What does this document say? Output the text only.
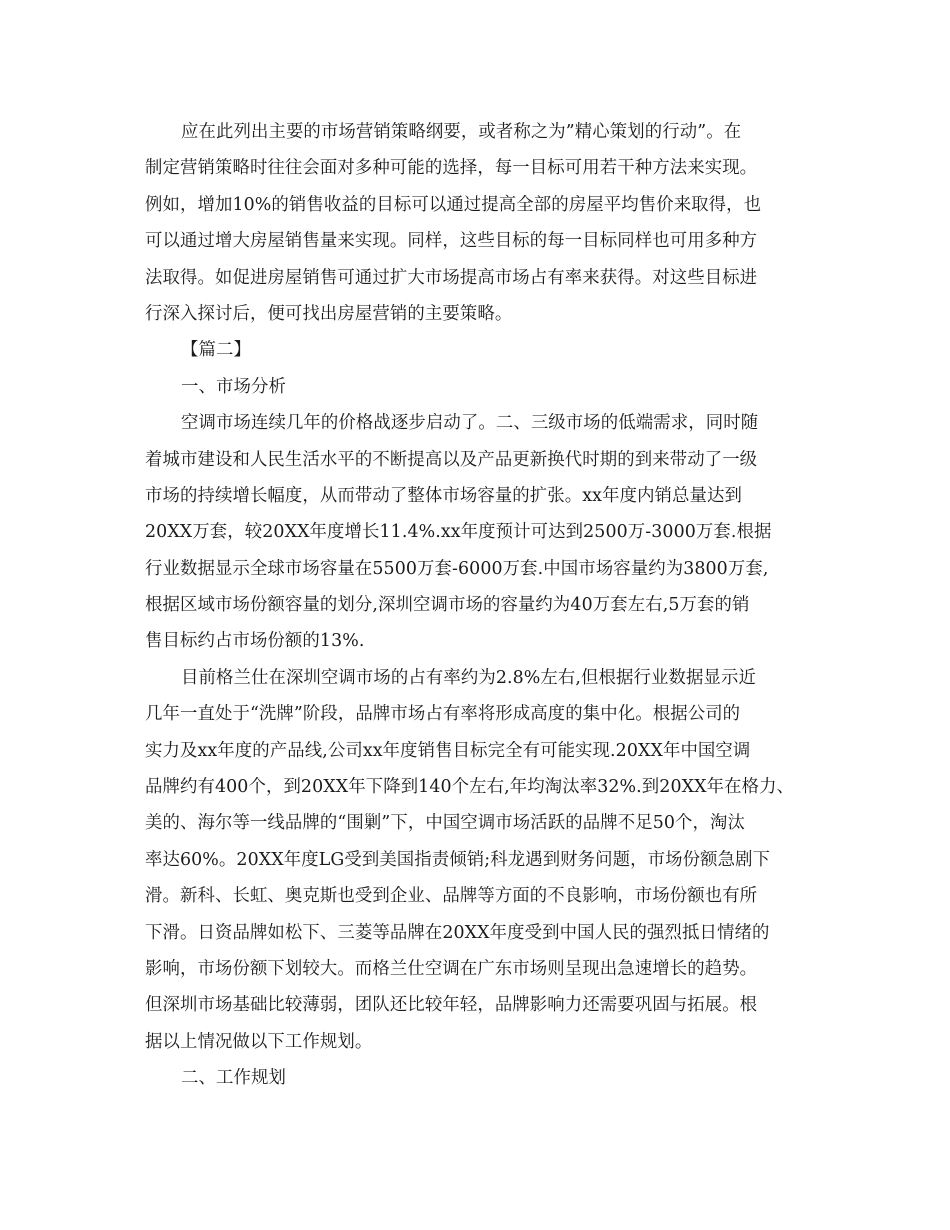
应在此列出主要的市场营销策略纲要，或者称之为”精心策划的行动”。在
制定营销策略时往往会面对多种可能的选择，每一目标可用若干种方法来实现。
例如，增加10%的销售收益的目标可以通过提高全部的房屋平均售价来取得，也
可以通过增大房屋销售量来实现。同样，这些目标的每一目标同样也可用多种方
法取得。如促进房屋销售可通过扩大市场提高市场占有率来获得。对这些目标进
行深入探讨后，便可找出房屋营销的主要策略。
【篇二】
一、市场分析
空调市场连续几年的价格战逐步启动了。二、三级市场的低端需求，同时随
着城市建设和人民生活水平的不断提高以及产品更新换代时期的到来带动了一级
市场的持续增长幅度，从而带动了整体市场容量的扩张。xx年度内销总量达到
20XX万套，较20XX年度增长11.4%.xx年度预计可达到2500万-3000万套.根据
行业数据显示全球市场容量在5500万套-6000万套.中国市场容量约为3800万套,
根据区域市场份额容量的划分,深圳空调市场的容量约为40万套左右,5万套的销
售目标约占市场份额的13%.
目前格兰仕在深圳空调市场的占有率约为2.8%左右,但根据行业数据显示近
几年一直处于“洗牌”阶段，品牌市场占有率将形成高度的集中化。根据公司的
实力及xx年度的产品线,公司xx年度销售目标完全有可能实现.20XX年中国空调
品牌约有400个，到20XX年下降到140个左右,年均淘汰率32%.到20XX年在格力、
美的、海尔等一线品牌的“围剿”下，中国空调市场活跃的品牌不足50个，淘汰
率达60%。20XX年度LG受到美国指责倾销;科龙遇到财务问题，市场份额急剧下
滑。新科、长虹、奥克斯也受到企业、品牌等方面的不良影响，市场份额也有所
下滑。日资品牌如松下、三菱等品牌在20XX年度受到中国人民的强烈抵日情绪的
影响，市场份额下划较大。而格兰仕空调在广东市场则呈现出急速增长的趋势。
但深圳市场基础比较薄弱，团队还比较年轻，品牌影响力还需要巩固与拓展。根
据以上情况做以下工作规划。
二、工作规划
